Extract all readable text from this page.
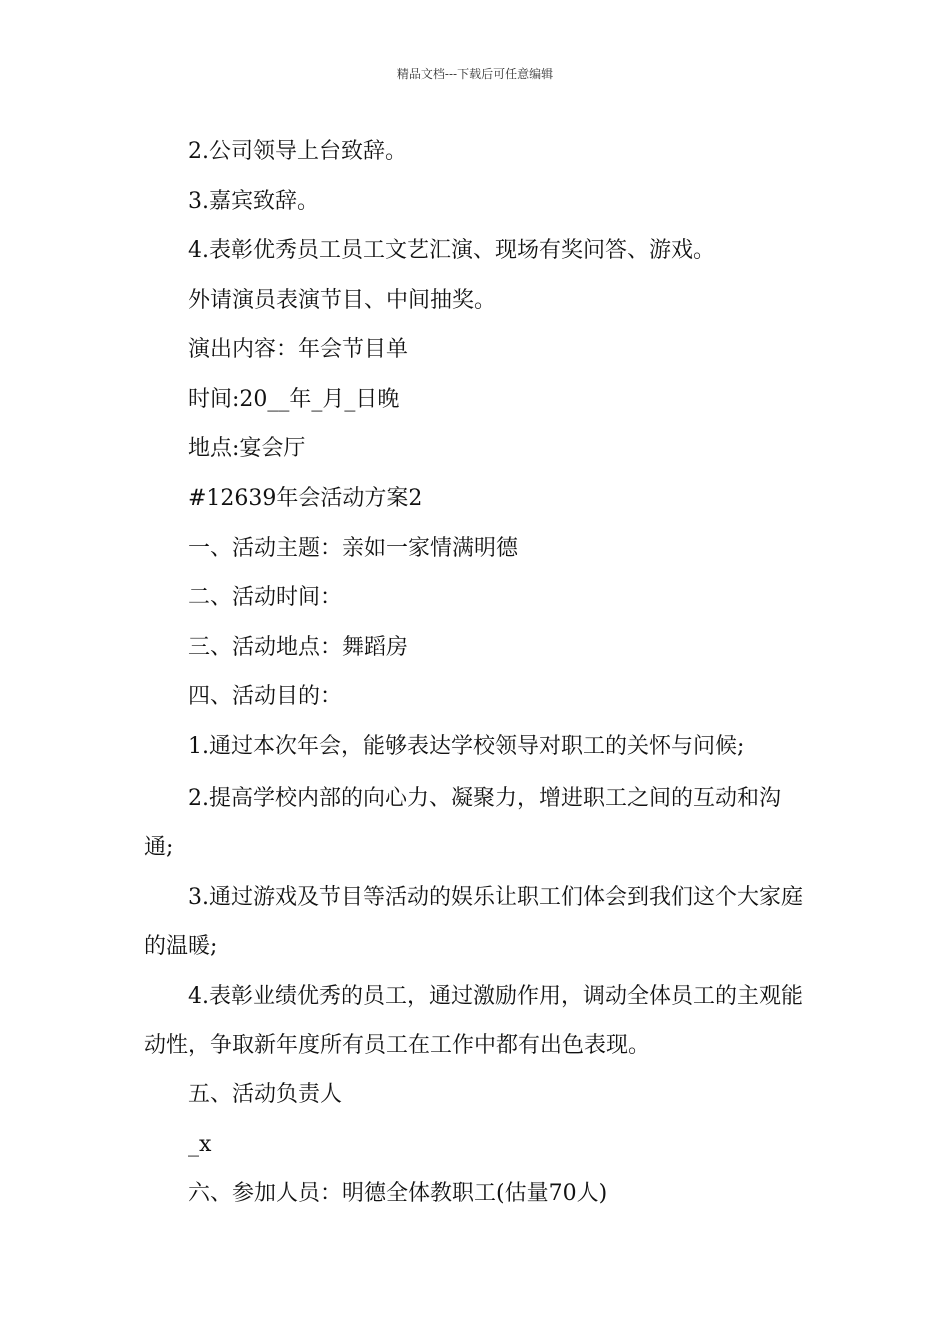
精品文档---下载后可任意编辑
2.公司领导上台致辞。
3.嘉宾致辞。
4.表彰优秀员工员工文艺汇演、现场有奖问答、游戏。
外请演员表演节目、中间抽奖。
演出内容：年会节目单
时间:20__年_月_日晚
地点:宴会厅
#12639年会活动方案2
一、活动主题：亲如一家情满明德
二、活动时间：
三、活动地点：舞蹈房
四、活动目的：
1.通过本次年会，能够表达学校领导对职工的关怀与问候;
2.提高学校内部的向心力、凝聚力，增进职工之间的互动和沟通;
3.通过游戏及节目等活动的娱乐让职工们体会到我们这个大家庭的温暖;
4.表彰业绩优秀的员工，通过激励作用，调动全体员工的主观能动性，争取新年度所有员工在工作中都有出色表现。
五、活动负责人
_x
六、参加人员：明德全体教职工(估量70人)
